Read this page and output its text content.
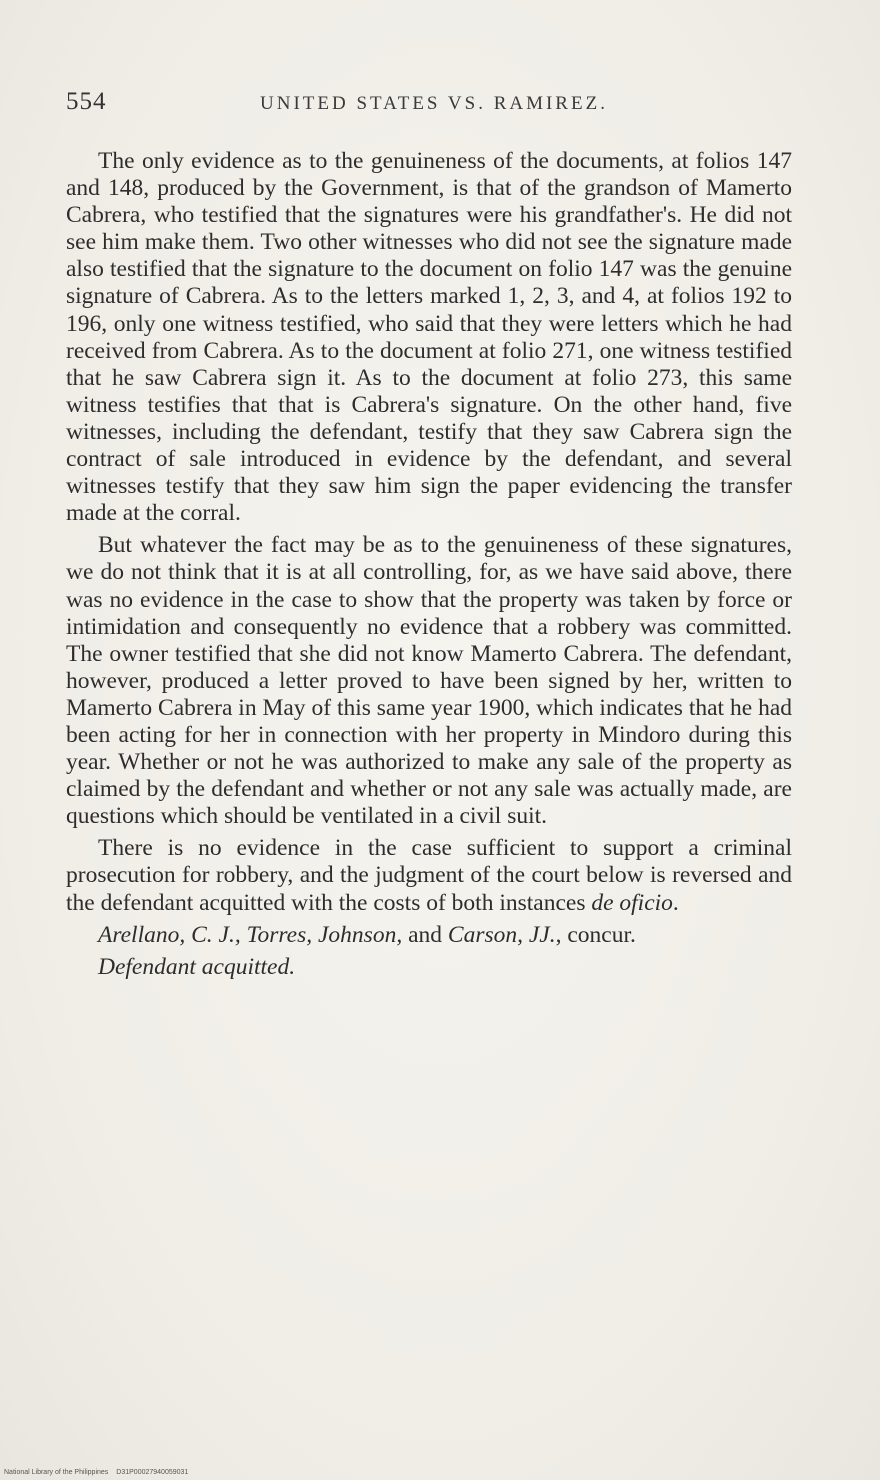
554	UNITED STATES VS. RAMIREZ.

The only evidence as to the genuineness of the documents, at folios 147 and 148, produced by the Government, is that of the grandson of Mamerto Cabrera, who testified that the signatures were his grandfather's. He did not see him make them. Two other witnesses who did not see the signature made also testified that the signature to the document on folio 147 was the genuine signature of Cabrera. As to the letters marked 1, 2, 3, and 4, at folios 192 to 196, only one witness testified, who said that they were letters which he had received from Cabrera. As to the document at folio 271, one witness testified that he saw Cabrera sign it. As to the document at folio 273, this same witness testifies that that is Cabrera's signature. On the other hand, five witnesses, including the defendant, testify that they saw Cabrera sign the contract of sale introduced in evidence by the defendant, and several witnesses testify that they saw him sign the paper evidencing the transfer made at the corral.

But whatever the fact may be as to the genuineness of these signatures, we do not think that it is at all controlling, for, as we have said above, there was no evidence in the case to show that the property was taken by force or intimidation and consequently no evidence that a robbery was committed. The owner testified that she did not know Mamerto Cabrera. The defendant, however, produced a letter proved to have been signed by her, written to Mamerto Cabrera in May of this same year 1900, which indicates that he had been acting for her in connection with her property in Mindoro during this year. Whether or not he was authorized to make any sale of the property as claimed by the defendant and whether or not any sale was actually made, are questions which should be ventilated in a civil suit.

There is no evidence in the case sufficient to support a criminal prosecution for robbery, and the judgment of the court below is reversed and the defendant acquitted with the costs of both instances de oficio.

Arellano, C. J., Torres, Johnson, and Carson, JJ., concur.

Defendant acquitted.

National Library of the Philippines D31P00027940059031
